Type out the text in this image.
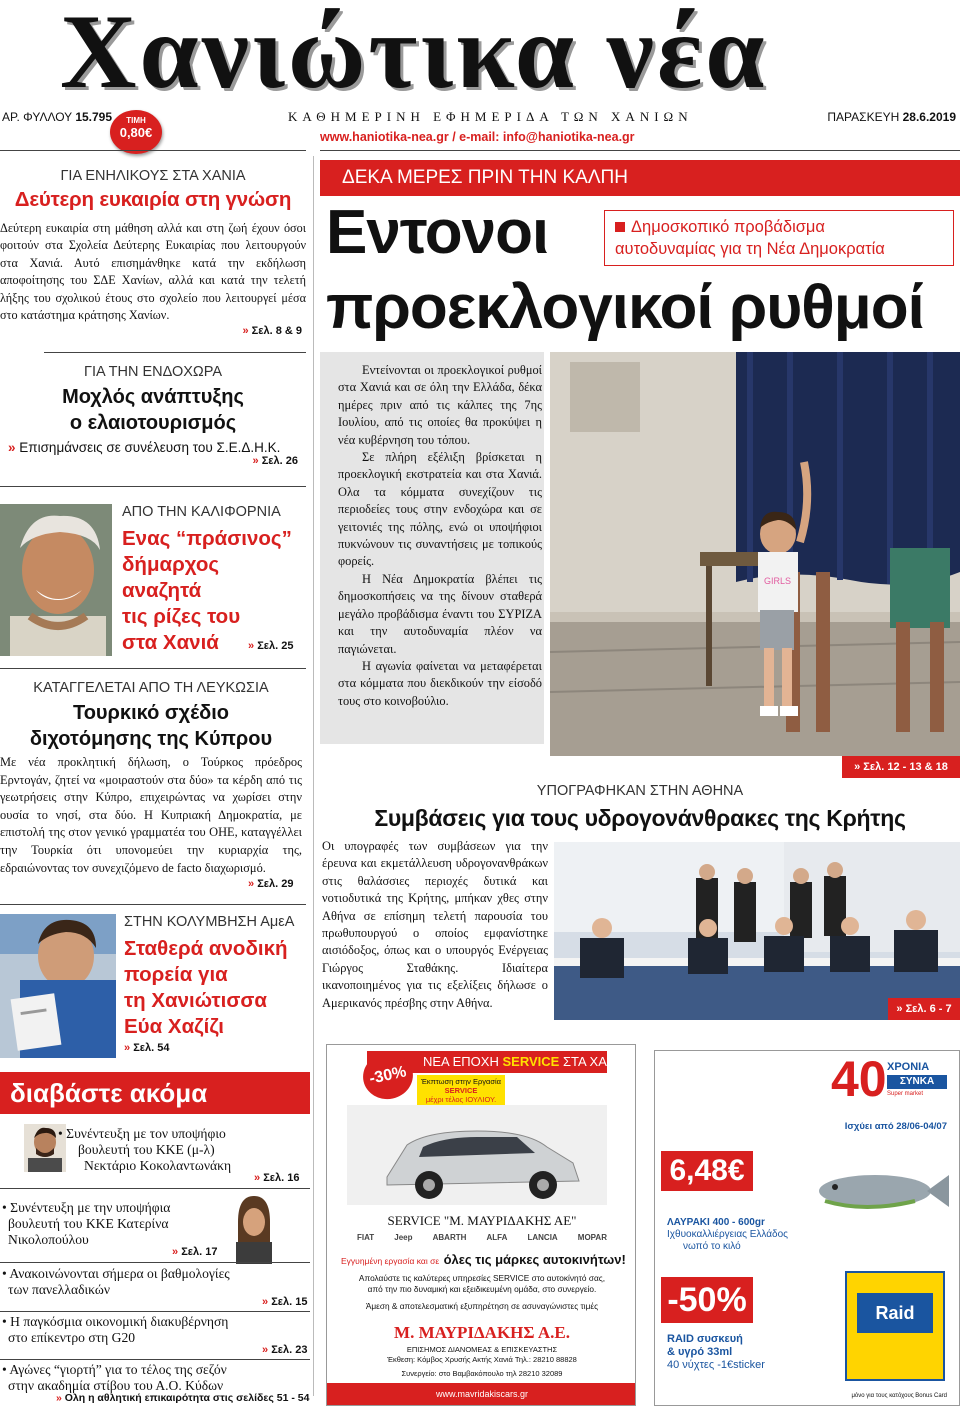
Χανιώτικα νέα
ΑΡ. ΦΥΛΛΟΥ 15.795	ΤΙΜΗ
0,80€
ΚΑΘΗΜΕΡΙΝΗ ΕΦΗΜΕΡΙΔΑ ΤΩΝ ΧΑΝΙΩΝ
www.haniotika-nea.gr / e-mail: info@haniotika-nea.gr
ΠΑΡΑΣΚΕΥΗ 28.6.2019
ΓΙΑ ΕΝΗΛΙΚΟΥΣ ΣΤΑ ΧΑΝΙΑ
Δεύτερη ευκαιρία στη γνώση
Δεύτερη ευκαιρία στη μάθηση αλλά και στη ζωή έχουν όσοι φοιτούν στα Σχολεία Δεύτερης Ευκαιρίας που λειτουργούν στα Χανιά. Αυτό επισημάνθηκε κατά την εκδήλωση αποφοίτησης του ΣΔΕ Χανίων, αλλά και κατά την τελετή λήξης του σχολικού έτους στο σχολείο που λειτουργεί μέσα στο κατάστημα κράτησης Χανίων.
» Σελ. 8 & 9
ΓΙΑ ΤΗΝ ΕΝΔΟΧΩΡΑ
Μοχλός ανάπτυξης
ο ελαιοτουρισμός
» Επισημάνσεις σε συνέλευση του Σ.Ε.Δ.Η.Κ.
» Σελ. 26
ΑΠΟ ΤΗΝ ΚΑΛΙΦΟΡΝΙΑ
Ενας “πράσινος”
δήμαρχος
αναζητά
τις ρίζες του
στα Χανιά	» Σελ. 25
ΚΑΤΑΓΓΕΛΕΤΑΙ ΑΠΟ ΤΗ ΛΕΥΚΩΣΙΑ
Τουρκικό σχέδιο
διχοτόμησης της Κύπρου
Με νέα προκλητική δήλωση, ο Τούρκος πρόεδρος Ερντογάν, ζητεί να «μοιραστούν στα δύο» τα κέρδη από τις γεωτρήσεις στην Κύπρο, επιχειρώντας να χωρίσει στην ουσία το νησί, στα δύο. Η Κυπριακή Δημοκρατία, με επιστολή της στον γενικό γραμματέα του ΟΗΕ, καταγγέλλει την Τουρκία ότι υπονομεύει την κυριαρχία της, εδραιώνοντας τον συνεχιζόμενο de facto διαχωρισμό.
» Σελ. 29
ΣΤΗΝ ΚΟΛΥΜΒΗΣΗ ΑμεΑ
Σταθερά ανοδική
πορεία για
τη Χανιώτισσα
Εύα Χαζίζι
» Σελ. 54
διαβάστε ακόμα
• Συνέντευξη με τον υποψήφιο
βουλευτή του ΚΚΕ (μ-λ)
Νεκτάριο Κοκολαντωνάκη
» Σελ. 16
• Συνέντευξη με την υποψήφια
βουλευτή του ΚΚΕ Κατερίνα
Νικολοπούλου
» Σελ. 17
• Ανακοινώνονται σήμερα οι βαθμολογίες
των πανελλαδικών
» Σελ. 15
• Η παγκόσμια οικονομική διακυβέρνηση
στο επίκεντρο στη G20
» Σελ. 23
• Αγώνες “γιορτή” για το τέλος της σεζόν
στην ακαδημία στίβου του Α.Ο. Κύδων
» Ολη η αθλητική επικαιρότητα στις σελίδες 51 - 54
ΔΕΚΑ ΜΕΡΕΣ ΠΡΙΝ ΤΗΝ ΚΑΛΠΗ
Εντονοι
προεκλογικοί ρυθμοί
Δημοσκοπικό προβάδισμα
αυτοδυναμίας για τη Νέα Δημοκρατία
GIRLS
Εντείνονται οι προεκλογικοί ρυθμοί στα Χανιά και σε όλη την Ελλάδα, δέκα ημέρες πριν από τις κάλπες της 7ης Ιουλίου, από τις οποίες θα προκύψει η νέα κυβέρνηση του τόπου.
Σε πλήρη εξέλιξη βρίσκεται η προεκλογική εκστρατεία και στα Χανιά. Ολα τα κόμματα συνεχίζουν τις περιοδείες τους στην ενδοχώρα και σε γειτονιές της πόλης, ενώ οι υποψήφιοι πυκνώνουν τις συναντήσεις με τοπικούς φορείς.
Η Νέα Δημοκρατία βλέπει τις δημοσκοπήσεις να της δίνουν σταθερά μεγάλο προβάδισμα έναντι του ΣΥΡΙΖΑ και την αυτοδυναμία πλέον να παγιώνεται.
Η αγωνία φαίνεται να μεταφέρεται στα κόμματα που διεκδικούν την είσοδό τους στο κοινοβούλιο.
» Σελ. 12 - 13 & 18
ΥΠΟΓΡΑΦΗΚΑΝ ΣΤΗΝ ΑΘΗΝΑ
Συμβάσεις για τους υδρογονάνθρακες της Κρήτης
Οι υπογραφές των συμβάσεων για την έρευνα και εκμετάλλευση υδρογονανθράκων στις θαλάσσιες περιοχές δυτικά και νοτιοδυτικά της Κρήτης, μπήκαν χθες στην Αθήνα σε επίσημη τελετή παρουσία του πρωθυπουργού ο οποίος εμφανίστηκε αισιόδοξος, όπως και ο υπουργός Ενέργειας Γιώργος Σταθάκης. Ιδιαίτερα ικανοποιημένος για τις εξελίξεις δήλωσε ο Αμερικανός πρέσβης στην Αθήνα.	» Σελ. 6 - 7
ΝΕΑ ΕΠΟΧΗ SERVICE ΣΤΑ ΧΑΝΙΑ!
-30%	Έκπτωση στην Εργασία
SERVICE
μέχρι τέλος ΙΟΥΛΙΟΥ.
SERVICE "Μ. ΜΑΥΡΙΔΑΚΗΣ ΑΕ"
FIAT	Jeep	ABARTH	ALFA	LANCIA	MOPAR
Εγγυημένη εργασία και σε όλες τις μάρκες αυτοκινήτων!
Απολαύστε τις καλύτερες υπηρεσίες SERVICE στο αυτοκίνητό σας,
από την πιο δυναμική και εξειδικευμένη ομάδα, στο συνεργείο.
Άμεση & αποτελεσματική εξυπηρέτηση σε ασυναγώνιστες τιμές
Μ. ΜΑΥΡΙΔΑΚΗΣ Α.Ε.
ΕΠΙΣΗΜΟΣ ΔΙΑΝΟΜΕΑΣ & ΕΠΙΣΚΕΥΑΣΤΗΣ
Έκθεση: Κόμβος Χρυσής Ακτής Χανιά Τηλ.: 28210 88828
Συνεργείο: στο Βαμβακόπουλο τηλ 28210 32089
www.mavridakiscars.gr
40 ΧΡΟΝΙΑ
ΣΥΝΚΑ
Super market
Ισχύει από 28/06-04/07
6,48€
ΛΑΥΡΑΚΙ 400 - 600gr
Ιχθυοκαλλιέργειας Ελλάδος
νωπό το κιλό
-50%
RAID συσκευή
& υγρό 33ml
40 νύχτες -1€sticker
Raid
μόνο για τους κατόχους Bonus Card
